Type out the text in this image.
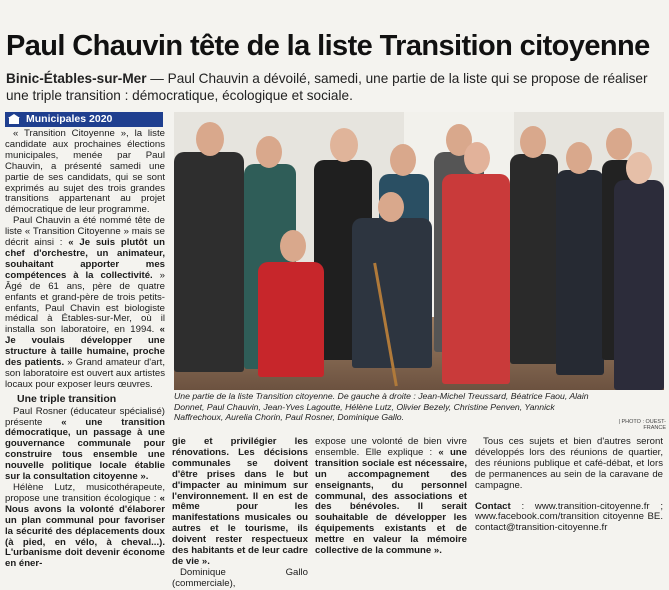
Paul Chauvin tête de la liste Transition citoyenne
Binic-Étables-sur-Mer — Paul Chauvin a dévoilé, samedi, une partie de la liste qui se propose de réaliser une triple transition : démocratique, écologique et sociale.
Municipales 2020

« Transition Citoyenne », la liste candidate aux prochaines élections municipales, menée par Paul Chauvin, a présenté samedi une partie de ses candidats, qui se sont exprimés au sujet des trois grandes transitions appartenant au projet démocratique de leur programme.

Paul Chauvin a été nommé tête de liste « Transition Citoyenne » mais se décrit ainsi : « Je suis plutôt un chef d'orchestre, un animateur, souhaitant apporter mes compétences à la collectivité. » Âgé de 61 ans, père de quatre enfants et grand-père de trois petits-enfants, Paul Chavin est biologiste médical à Étables-sur-Mer, où il installa son laboratoire, en 1994. « Je voulais développer une structure à taille humaine, proche des patients. » Grand amateur d'art, son laboratoire est ouvert aux artistes locaux pour exposer leurs œuvres.

Une triple transition

Paul Rosner (éducateur spécialisé) présente « une transition démocratique, un passage à une gouvernance communale pour construire tous ensemble une nouvelle politique locale établie sur la consultation citoyenne ».

Hélène Lutz, musicothérapeute, propose une transition écologique : « Nous avons la volonté d'élaborer un plan communal pour favoriser la sécurité des déplacements doux (à pied, en vélo, à cheval...). L'urbanisme doit devenir économe en éner-

Une partie de la liste Transition citoyenne. De gauche à droite : Jean-Michel Treussard, Béatrice Faou, Alain Donnet, Paul Chauvin, Jean-Yves Lagoutte, Hélène Lutz, Olivier Bezely, Christine Penven, Yannick Naffrechoux, Aurelia Chorin, Paul Rosner, Dominique Gallo.	| PHOTO : OUEST-FRANCE

gie et privilégier les rénovations. Les décisions communales se doivent d'être prises dans le but d'impacter au minimum sur l'environnement. Il en est de même pour les manifestations musicales ou autres et le tourisme, ils doivent rester respectueux des habitants et de leur cadre de vie ».

Dominique Gallo (commerciale),

expose une volonté de bien vivre ensemble. Elle explique : « une transition sociale est nécessaire, un accompagnement des enseignants, du personnel communal, des associations et des bénévoles. Il serait souhaitable de développer les équipements existants et de mettre en valeur la mémoire collective de la commune ».

Tous ces sujets et bien d'autres seront développés lors des réunions de quartier, des réunions publique et café-débat, et lors de permanences au sein de la caravane de campagne.

Contact : www.transition-citoyenne.fr ; www.facebook.com/transition citoyenne BE. contact@transition-citoyenne.fr
